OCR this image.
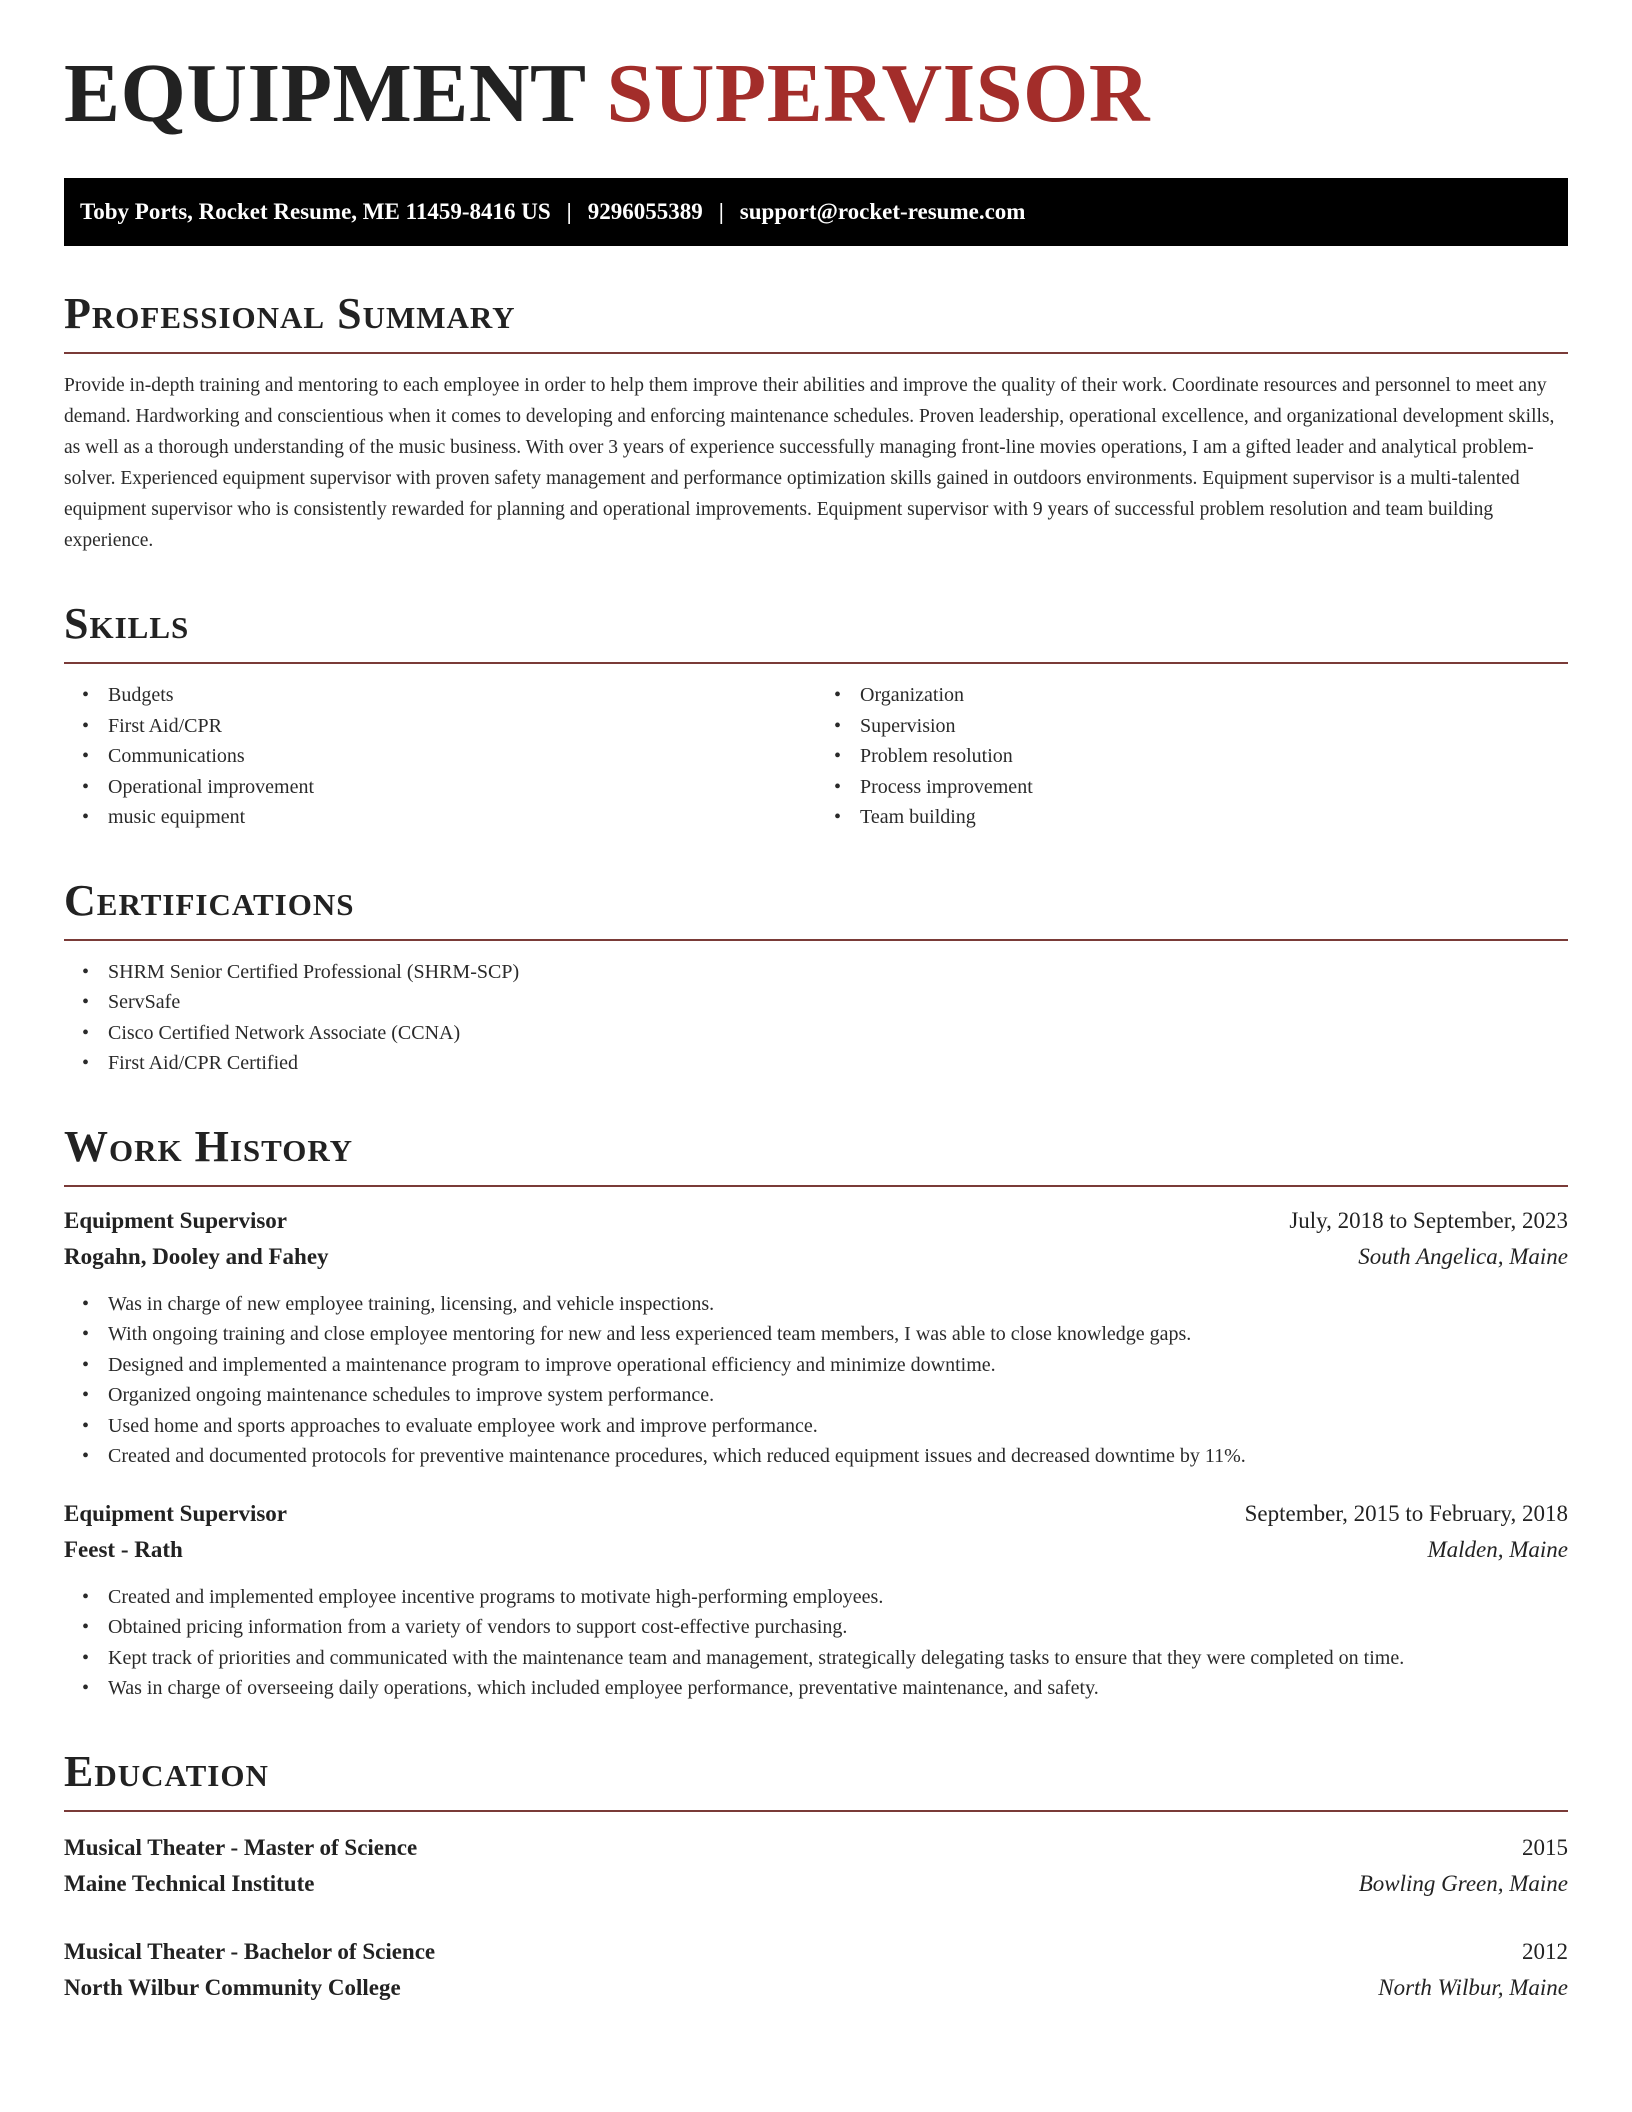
EQUIPMENT SUPERVISOR
Toby Ports, Rocket Resume, ME 11459-8416 US | 9296055389 | support@rocket-resume.com
Professional Summary
Provide in-depth training and mentoring to each employee in order to help them improve their abilities and improve the quality of their work. Coordinate resources and personnel to meet any demand. Hardworking and conscientious when it comes to developing and enforcing maintenance schedules. Proven leadership, operational excellence, and organizational development skills, as well as a thorough understanding of the music business. With over 3 years of experience successfully managing front-line movies operations, I am a gifted leader and analytical problem-solver. Experienced equipment supervisor with proven safety management and performance optimization skills gained in outdoors environments. Equipment supervisor is a multi-talented equipment supervisor who is consistently rewarded for planning and operational improvements. Equipment supervisor with 9 years of successful problem resolution and team building experience.
Skills
• Budgets
• First Aid/CPR
• Communications
• Operational improvement
• music equipment
• Organization
• Supervision
• Problem resolution
• Process improvement
• Team building
Certifications
• SHRM Senior Certified Professional (SHRM-SCP)
• ServSafe
• Cisco Certified Network Associate (CCNA)
• First Aid/CPR Certified
Work History
Equipment Supervisor	July, 2018 to September, 2023
Rogahn, Dooley and Fahey	South Angelica, Maine
• Was in charge of new employee training, licensing, and vehicle inspections.
• With ongoing training and close employee mentoring for new and less experienced team members, I was able to close knowledge gaps.
• Designed and implemented a maintenance program to improve operational efficiency and minimize downtime.
• Organized ongoing maintenance schedules to improve system performance.
• Used home and sports approaches to evaluate employee work and improve performance.
• Created and documented protocols for preventive maintenance procedures, which reduced equipment issues and decreased downtime by 11%.
Equipment Supervisor	September, 2015 to February, 2018
Feest - Rath	Malden, Maine
• Created and implemented employee incentive programs to motivate high-performing employees.
• Obtained pricing information from a variety of vendors to support cost-effective purchasing.
• Kept track of priorities and communicated with the maintenance team and management, strategically delegating tasks to ensure that they were completed on time.
• Was in charge of overseeing daily operations, which included employee performance, preventative maintenance, and safety.
Education
Musical Theater - Master of Science	2015
Maine Technical Institute	Bowling Green, Maine
Musical Theater - Bachelor of Science	2012
North Wilbur Community College	North Wilbur, Maine
